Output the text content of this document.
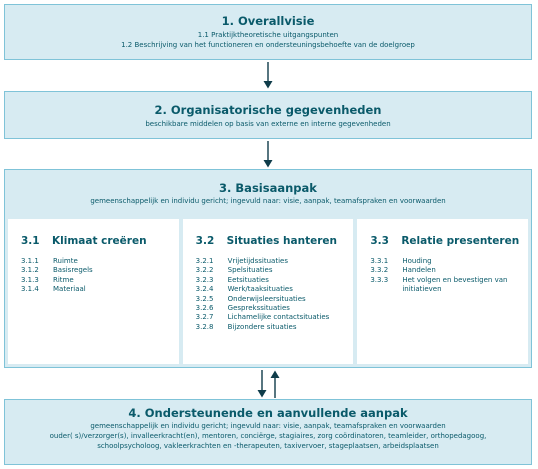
1. Overallvisie
1.1 Praktijktheoretische uitgangspunten
1.2 Beschrijving van het functioneren en ondersteuningsbehoefte van de doelgroep
2. Organisatorische gegevenheden
beschikbare middelen op basis van externe en interne gegevenheden
3. Basisaanpak
gemeenschappelijk en individu gericht; ingevuld naar: visie, aanpak, teamafspraken en voorwaarden
3.1	Klimaat creëren
3.1.1	Ruimte
3.1.2	Basisregels
3.1.3	Ritme
3.1.4	Materiaal
3.2	Situaties hanteren
3.2.1	Vrijetijdssituaties
3.2.2	Spelsituaties
3.2.3	Eetsituaties
3.2.4	Werk/taaksituaties
3.2.5	Onderwijsleersituaties
3.2.6	Gesprekssituaties
3.2.7	Lichamelijke contactsituaties
3.2.8	Bijzondere situaties
3.3	Relatie presenteren
3.3.1	Houding
3.3.2	Handelen
3.3.3	Het volgen en bevestigen van initiatieven
4. Ondersteunende en aanvullende aanpak
gemeenschappelijk en individu gericht; ingevuld naar: visie, aanpak, teamafspraken en voorwaarden
ouder( s)/verzorger(s), invalleerkracht(en), mentoren, conciërge, stagiaires, zorg coördinatoren, teamleider, orthopedagoog,
schoolpsycholoog, vakleerkrachten en -therapeuten, taxivervoer, stageplaatsen, arbeidsplaatsen
